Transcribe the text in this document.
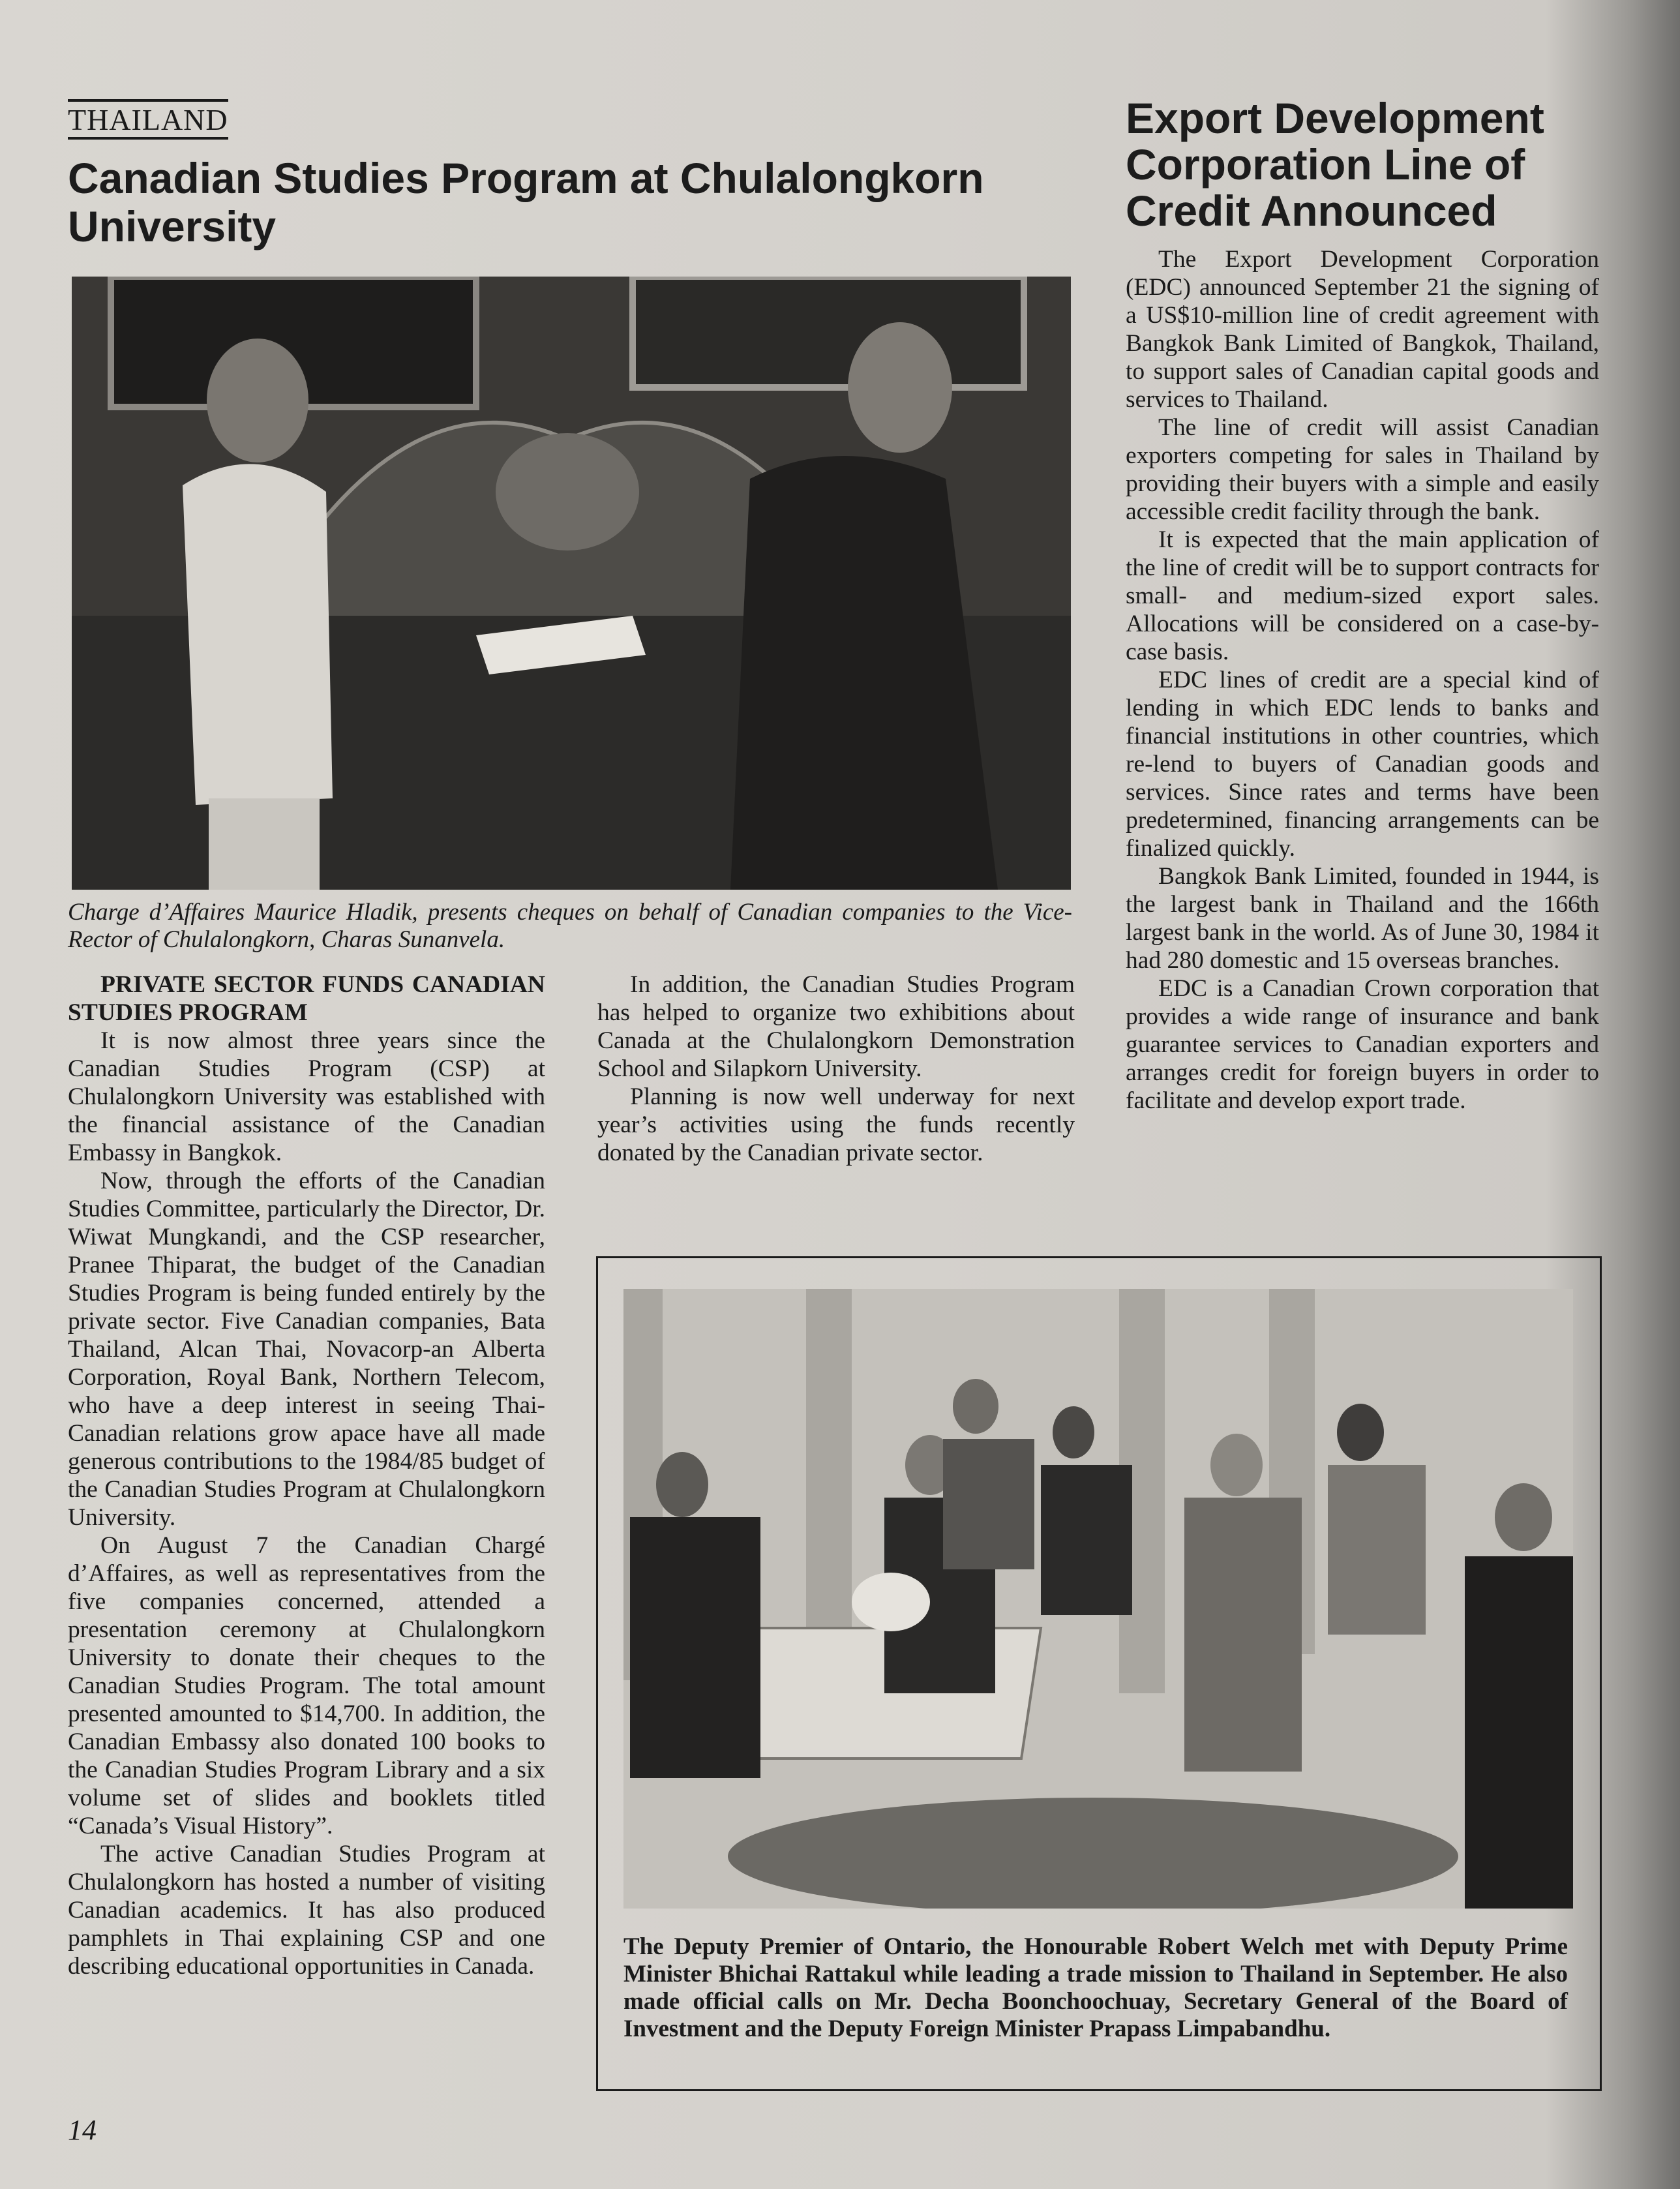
THAILAND
Canadian Studies Program at Chulalongkorn University

Charge d’Affaires Maurice Hladik, presents cheques on behalf of Canadian companies to the Vice-Rector of Chulalongkorn, Charas Sunanvela.

PRIVATE SECTOR FUNDS CANADIAN STUDIES PROGRAM

It is now almost three years since the Canadian Studies Program (CSP) at Chulalongkorn University was established with the financial assistance of the Canadian Embassy in Bangkok.

Now, through the efforts of the Canadian Studies Committee, particularly the Director, Dr. Wiwat Mungkandi, and the CSP researcher, Pranee Thiparat, the budget of the Canadian Studies Program is being funded entirely by the private sector. Five Canadian companies, Bata Thailand, Alcan Thai, Novacorp-an Alberta Corporation, Royal Bank, Northern Telecom, who have a deep interest in seeing Thai-Canadian relations grow apace have all made generous contributions to the 1984/85 budget of the Canadian Studies Program at Chulalongkorn University.

On August 7 the Canadian Chargé d’Affaires, as well as representatives from the five companies concerned, attended a presentation ceremony at Chulalongkorn University to donate their cheques to the Canadian Studies Program. The total amount presented amounted to $14,700. In addition, the Canadian Embassy also donated 100 books to the Canadian Studies Program Library and a six volume set of slides and booklets titled “Canada’s Visual History”.

The active Canadian Studies Program at Chulalongkorn has hosted a number of visiting Canadian academics. It has also produced pamphlets in Thai explaining CSP and one describing educational opportunities in Canada.

In addition, the Canadian Studies Program has helped to organize two exhibitions about Canada at the Chulalongkorn Demonstration School and Silapkorn University.

Planning is now well underway for next year’s activities using the funds recently donated by the Canadian private sector.

Export Development Corporation Line of Credit Announced

The Export Development Corporation (EDC) announced September 21 the signing of a US$10-million line of credit agreement with Bangkok Bank Limited of Bangkok, Thailand, to support sales of Canadian capital goods and services to Thailand.

The line of credit will assist Canadian exporters competing for sales in Thailand by providing their buyers with a simple and easily accessible credit facility through the bank.

It is expected that the main application of the line of credit will be to support contracts for small- and medium-sized export sales. Allocations will be considered on a case-by-case basis.

EDC lines of credit are a special kind of lending in which EDC lends to banks and financial institutions in other countries, which re-lend to buyers of Canadian goods and services. Since rates and terms have been predetermined, financing arrangements can be finalized quickly.

Bangkok Bank Limited, founded in 1944, is the largest bank in Thailand and the 166th largest bank in the world. As of June 30, 1984 it had 280 domestic and 15 overseas branches.

EDC is a Canadian Crown corporation that provides a wide range of insurance and bank guarantee services to Canadian exporters and arranges credit for foreign buyers in order to facilitate and develop export trade.

The Deputy Premier of Ontario, the Honourable Robert Welch met with Deputy Prime Minister Bhichai Rattakul while leading a trade mission to Thailand in September. He also made official calls on Mr. Decha Boonchoochuay, Secretary General of the Board of Investment and the Deputy Foreign Minister Prapass Limpabandhu.

14
